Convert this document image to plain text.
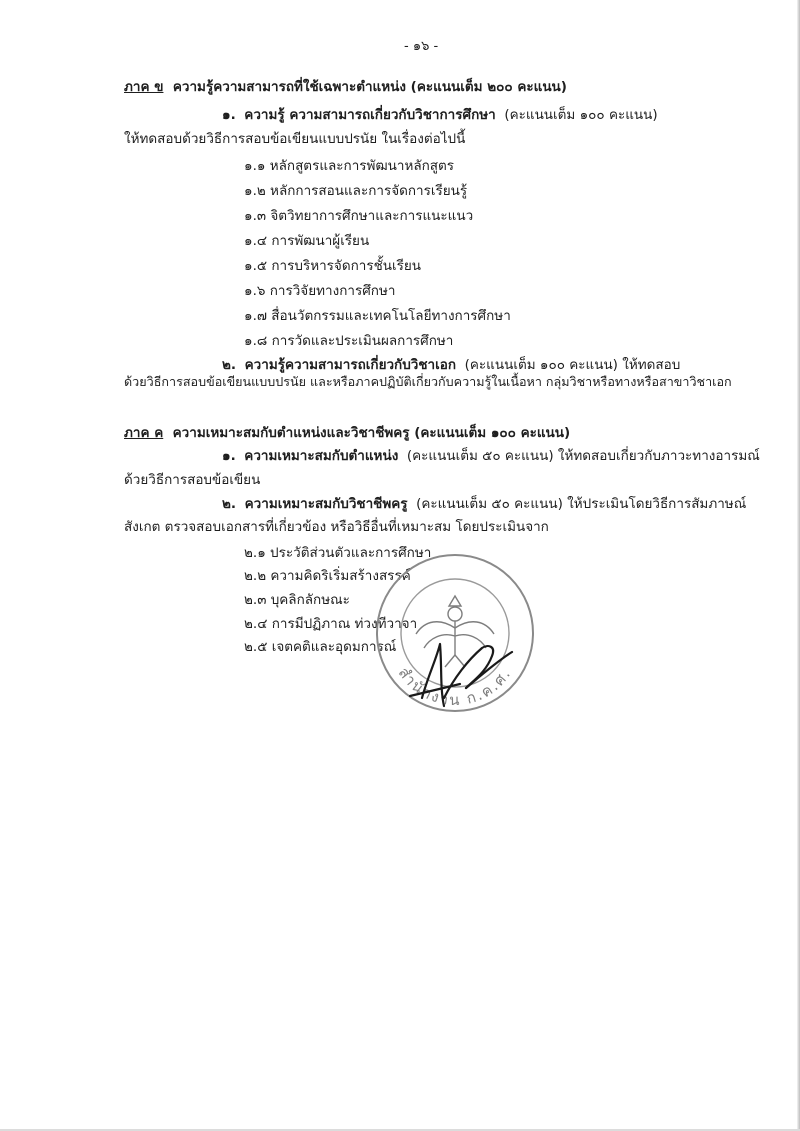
- ๑๖ -
ภาค ข ความรู้ความสามารถที่ใช้เฉพาะตำแหน่ง (คะแนนเต็ม ๒๐๐ คะแนน)
๑. ความรู้ ความสามารถเกี่ยวกับวิชาการศึกษา (คะแนนเต็ม ๑๐๐ คะแนน)
ให้ทดสอบด้วยวิธีการสอบข้อเขียนแบบปรนัย ในเรื่องต่อไปนี้
๑.๑ หลักสูตรและการพัฒนาหลักสูตร
๑.๒ หลักการสอนและการจัดการเรียนรู้
๑.๓ จิตวิทยาการศึกษาและการแนะแนว
๑.๔ การพัฒนาผู้เรียน
๑.๕ การบริหารจัดการชั้นเรียน
๑.๖ การวิจัยทางการศึกษา
๑.๗ สื่อนวัตกรรมและเทคโนโลยีทางการศึกษา
๑.๘ การวัดและประเมินผลการศึกษา
๒. ความรู้ความสามารถเกี่ยวกับวิชาเอก (คะแนนเต็ม ๑๐๐ คะแนน) ให้ทดสอบ
ด้วยวิธีการสอบข้อเขียนแบบปรนัย และหรือภาคปฏิบัติเกี่ยวกับความรู้ในเนื้อหา กลุ่มวิชาหรือทางหรือสาขาวิชาเอก
ภาค ค ความเหมาะสมกับตำแหน่งและวิชาชีพครู (คะแนนเต็ม ๑๐๐ คะแนน)
๑. ความเหมาะสมกับตำแหน่ง (คะแนนเต็ม ๕๐ คะแนน) ให้ทดสอบเกี่ยวกับภาวะทางอารมณ์
ด้วยวิธีการสอบข้อเขียน
๒. ความเหมาะสมกับวิชาชีพครู (คะแนนเต็ม ๕๐ คะแนน) ให้ประเมินโดยวิธีการสัมภาษณ์
สังเกต ตรวจสอบเอกสารที่เกี่ยวข้อง หรือวิธีอื่นที่เหมาะสม โดยประเมินจาก
๒.๑ ประวัติส่วนตัวและการศึกษา
๒.๒ ความคิดริเริ่มสร้างสรรค์
๒.๓ บุคลิกลักษณะ
๒.๔ การมีปฏิภาณ ท่วงทีวาจา
๒.๕ เจตคติและอุดมการณ์
สำนักงาน ก.ค.ศ.
